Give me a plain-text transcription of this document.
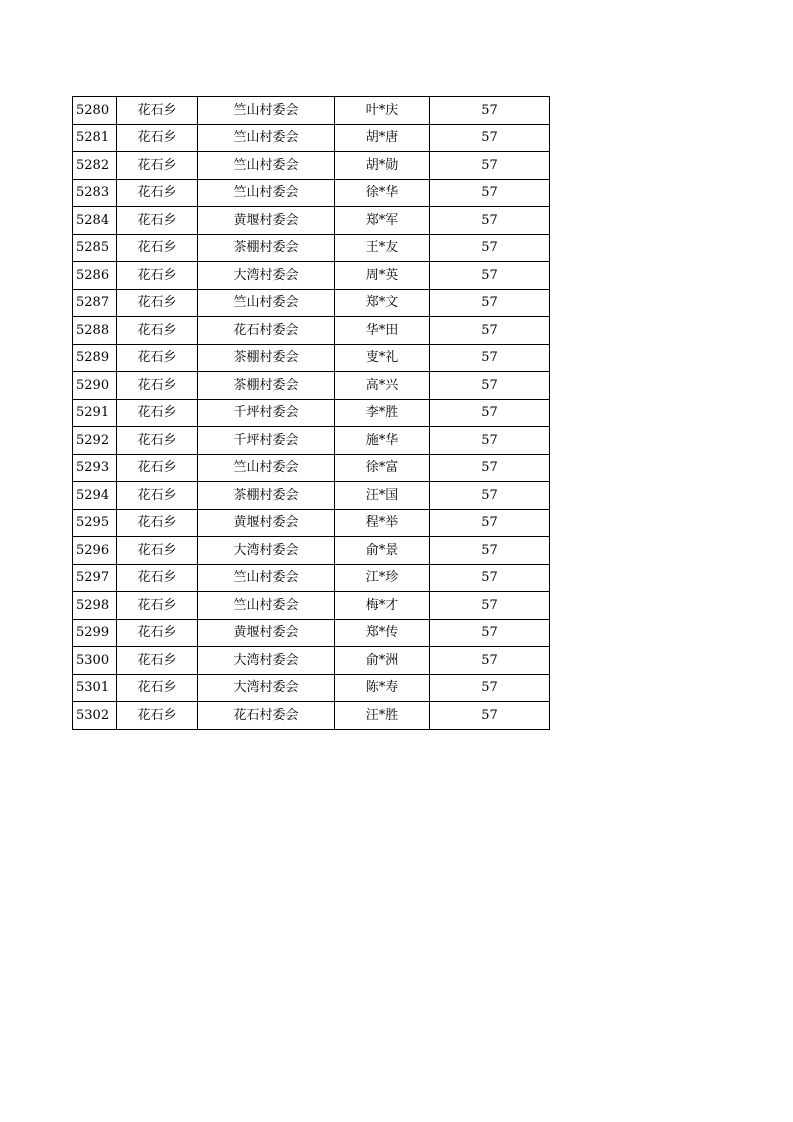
5280	花石乡	竺山村委会	叶*庆	57
5281	花石乡	竺山村委会	胡*唐	57
5282	花石乡	竺山村委会	胡*勋	57
5283	花石乡	竺山村委会	徐*华	57
5284	花石乡	黄堰村委会	郑*军	57
5285	花石乡	茶棚村委会	王*友	57
5286	花石乡	大湾村委会	周*英	57
5287	花石乡	竺山村委会	郑*文	57
5288	花石乡	花石村委会	华*田	57
5289	花石乡	茶棚村委会	叓*礼	57
5290	花石乡	茶棚村委会	高*兴	57
5291	花石乡	千坪村委会	李*胜	57
5292	花石乡	千坪村委会	施*华	57
5293	花石乡	竺山村委会	徐*富	57
5294	花石乡	茶棚村委会	汪*国	57
5295	花石乡	黄堰村委会	程*举	57
5296	花石乡	大湾村委会	俞*景	57
5297	花石乡	竺山村委会	江*珍	57
5298	花石乡	竺山村委会	梅*才	57
5299	花石乡	黄堰村委会	郑*传	57
5300	花石乡	大湾村委会	俞*洲	57
5301	花石乡	大湾村委会	陈*寿	57
5302	花石乡	花石村委会	汪*胜	57
